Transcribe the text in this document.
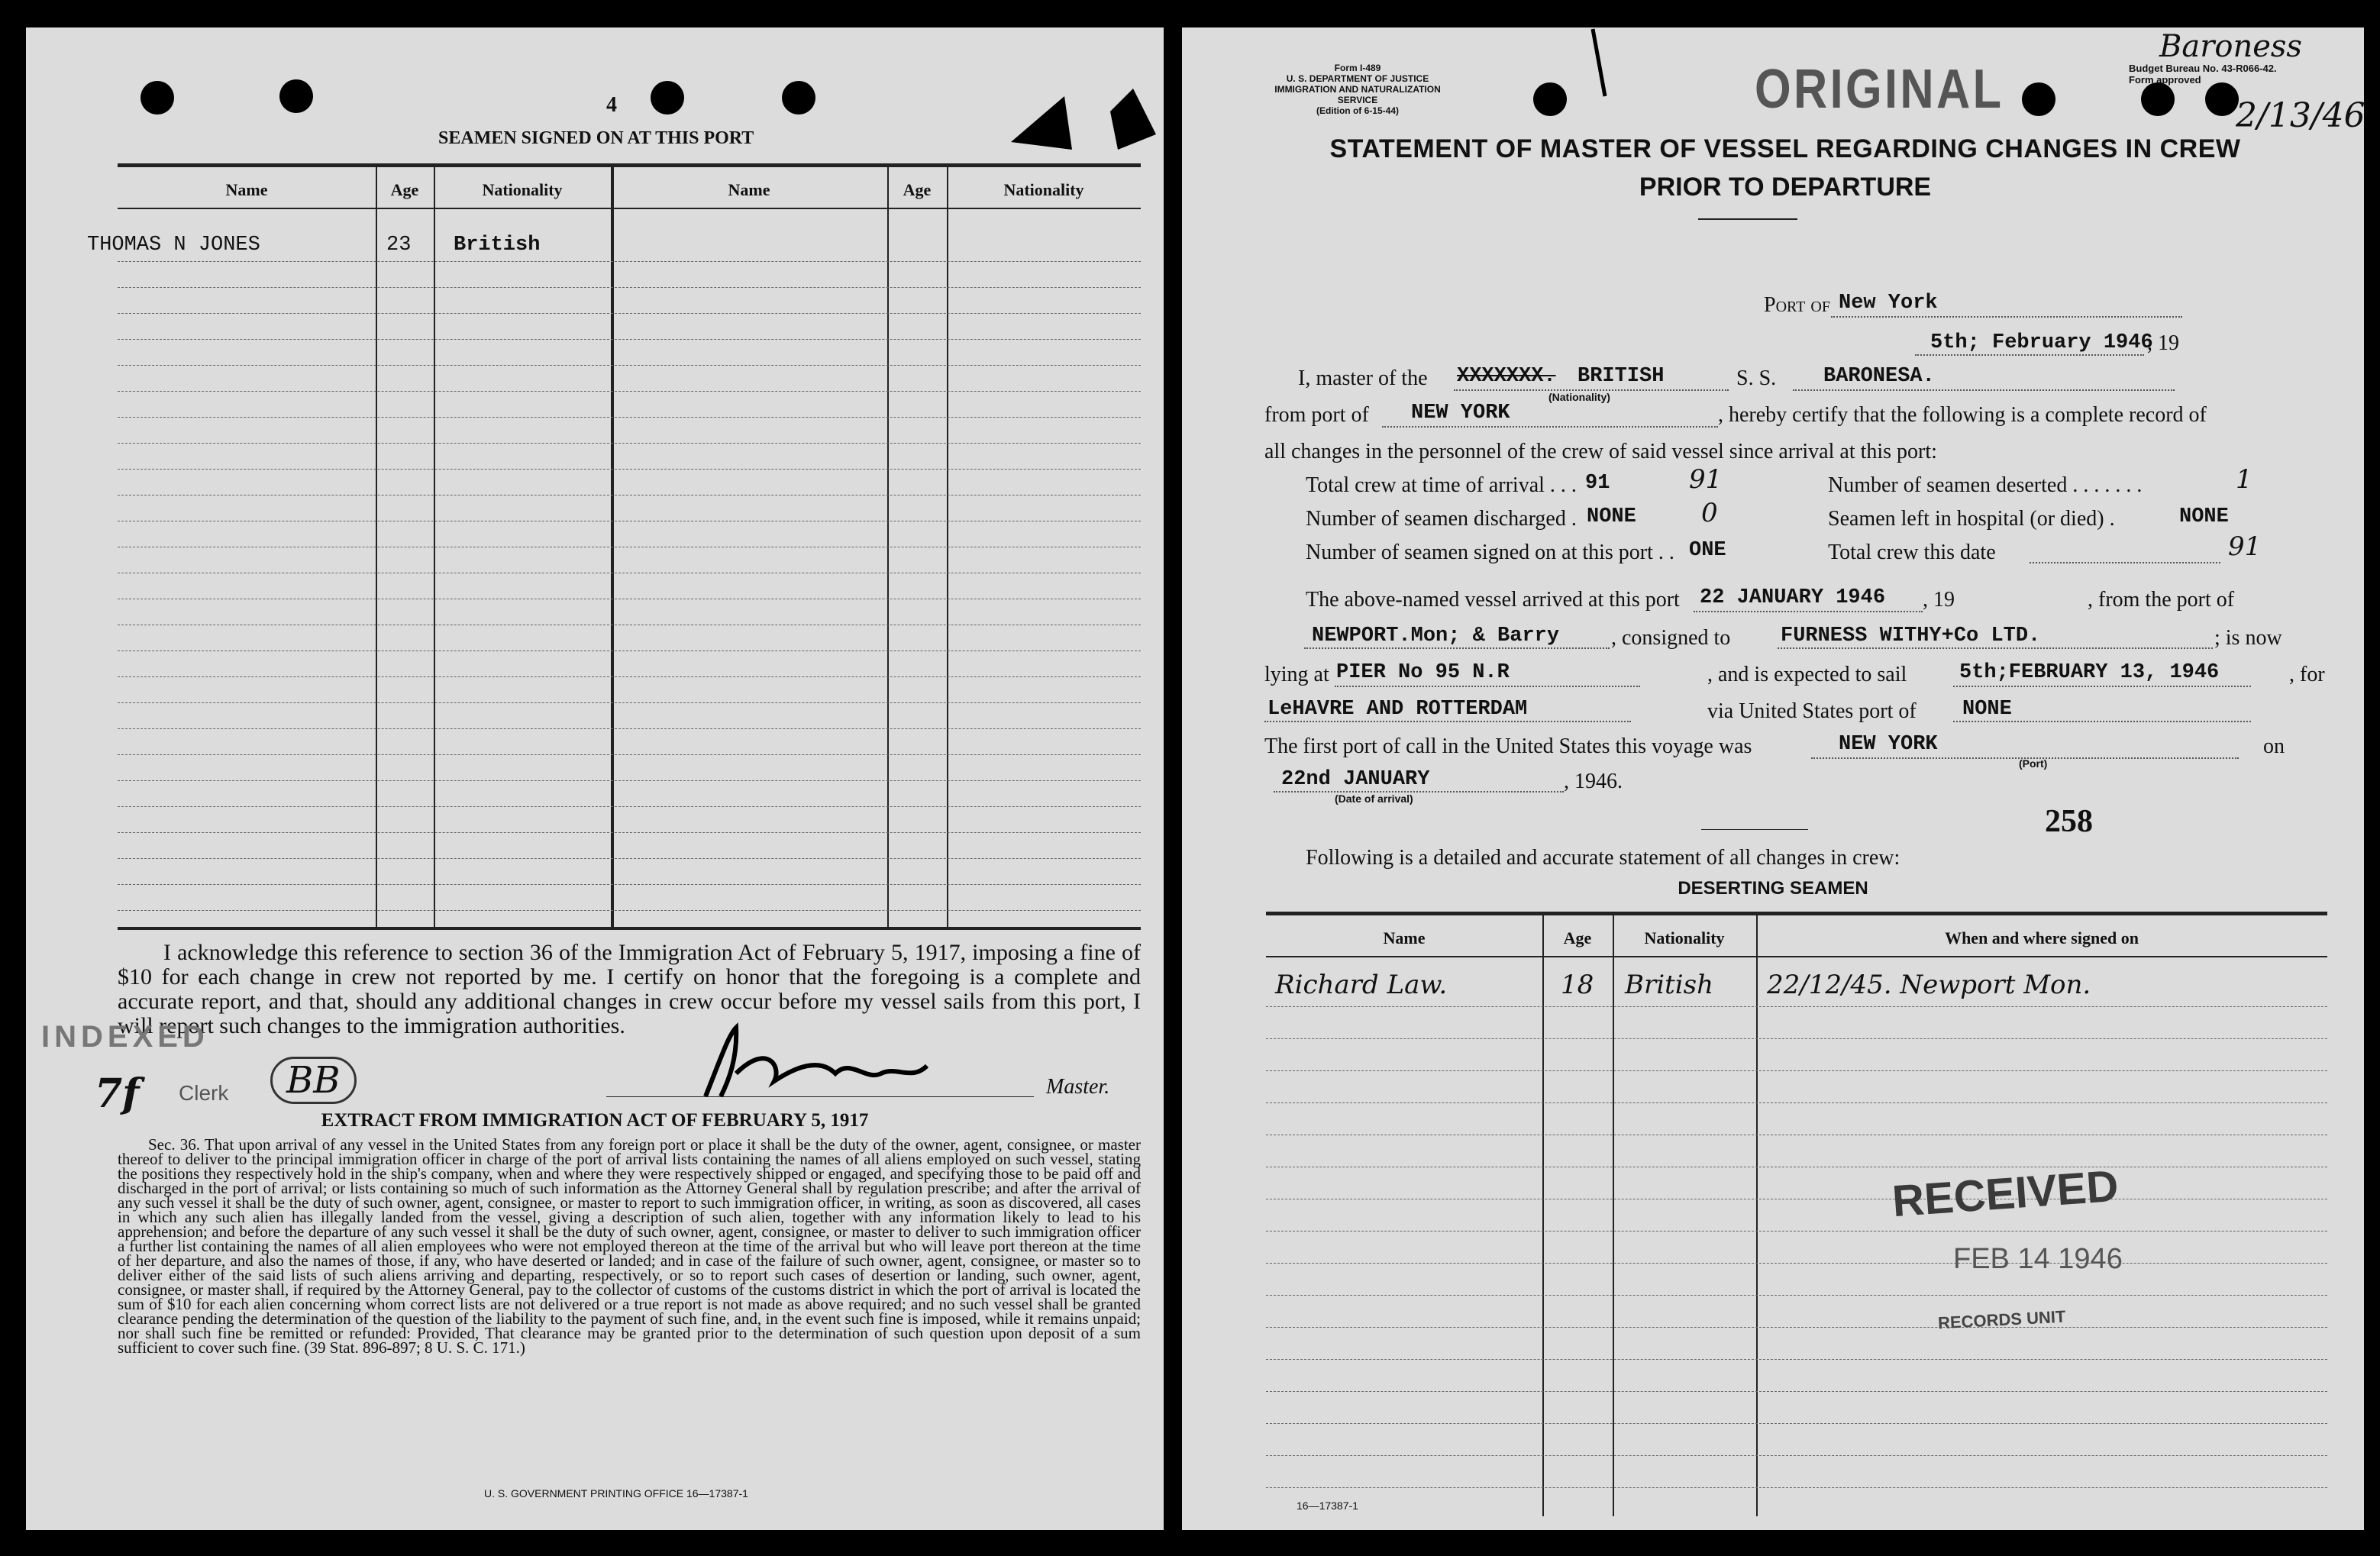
4
SEAMEN SIGNED ON AT THIS PORT
Name	Age	Nationality	Name	Age	Nationality
THOMAS N JONES	23 British
I acknowledge this reference to section 36 of the Immigration Act of February 5, 1917, imposing a fine of $10 for each change in crew not reported by me. I certify on honor that the foregoing is a complete and accurate report, and that, should any additional changes in crew occur before my vessel sails from this port, I will report such changes to the immigration authorities.
INDEXED
7f Clerk	BB	Master.
EXTRACT FROM IMMIGRATION ACT OF FEBRUARY 5, 1917
Sec. 36. That upon arrival of any vessel in the United States from any foreign port or place it shall be the duty of the owner, agent, consignee, or master thereof to deliver to the principal immigration officer in charge of the port of arrival lists containing the names of all aliens employed on such vessel, stating the positions they respectively hold in the ship's company, when and where they were respectively shipped or engaged, and specifying those to be paid off and discharged in the port of arrival; or lists containing so much of such information as the Attorney General shall by regulation prescribe; and after the arrival of any such vessel it shall be the duty of such owner, agent, consignee, or master to report to such immigration officer, in writing, as soon as discovered, all cases in which any such alien has illegally landed from the vessel, giving a description of such alien, together with any information likely to lead to his apprehension; and before the departure of any such vessel it shall be the duty of such owner, agent, consignee, or master to deliver to such immigration officer a further list containing the names of all alien employees who were not employed thereon at the time of the arrival but who will leave port thereon at the time of her departure, and also the names of those, if any, who have deserted or landed; and in case of the failure of such owner, agent, consignee, or master so to deliver either of the said lists of such aliens arriving and departing, respectively, or so to report such cases of desertion or landing, such owner, agent, consignee, or master shall, if required by the Attorney General, pay to the collector of customs of the customs district in which the port of arrival is located the sum of $10 for each alien concerning whom correct lists are not delivered or a true report is not made as above required; and no such vessel shall be granted clearance pending the determination of the question of the liability to the payment of such fine, and, in the event such fine is imposed, while it remains unpaid; nor shall such fine be remitted or refunded: Provided, That clearance may be granted prior to the determination of such question upon deposit of a sum sufficient to cover such fine. (39 Stat. 896-897; 8 U. S. C. 171.)
U. S. GOVERNMENT PRINTING OFFICE 16—17387-1
Form I-489
U. S. DEPARTMENT OF JUSTICE
IMMIGRATION AND NATURALIZATION SERVICE
(Edition of 6-15-44)	ORIGINAL	Budget Bureau No. 43-R066-42.
Form approved
Baroness
2/13/46
STATEMENT OF MASTER OF VESSEL REGARDING CHANGES IN CREW
PRIOR TO DEPARTURE
Port of New York
5th; February 1946
, 19
I, master of the XXXXXXX. BRITISH
(Nationality)
S. S. BARONESA.
from port of NEW YORK	, hereby certify that the following is a complete record of
all changes in the personnel of the crew of said vessel since arrival at this port:
Total crew at time of arrival . . . 91	91	Number of seamen deserted . . . . . . .	1
Number of seamen discharged . NONE	0	Seamen left in hospital (or died) .	NONE
Number of seamen signed on at this port . . ONE	Total crew this date	91
The above-named vessel arrived at this port 22 JANUARY 1946 , 19	, from the port of
NEWPORT.Mon; & Barry , consigned to FURNESS WITHY+Co LTD.	; is now
lying at PIER No 95 N.R	, and is expected to sail	5th;FEBRUARY 13, 1946	, for
LeHAVRE AND ROTTERDAM	via United States port of NONE
The first port of call in the United States this voyage was	NEW YORK
(Port)
on
22nd JANUARY
(Date of arrival)
, 1946.
258
Following is a detailed and accurate statement of all changes in crew:
DESERTING SEAMEN
Name	Age	Nationality	When and where signed on
Richard Law.	18 British 22/12/45. Newport Mon.
RECEIVED
FEB 14 1946
RECORDS UNIT
16—17387-1
